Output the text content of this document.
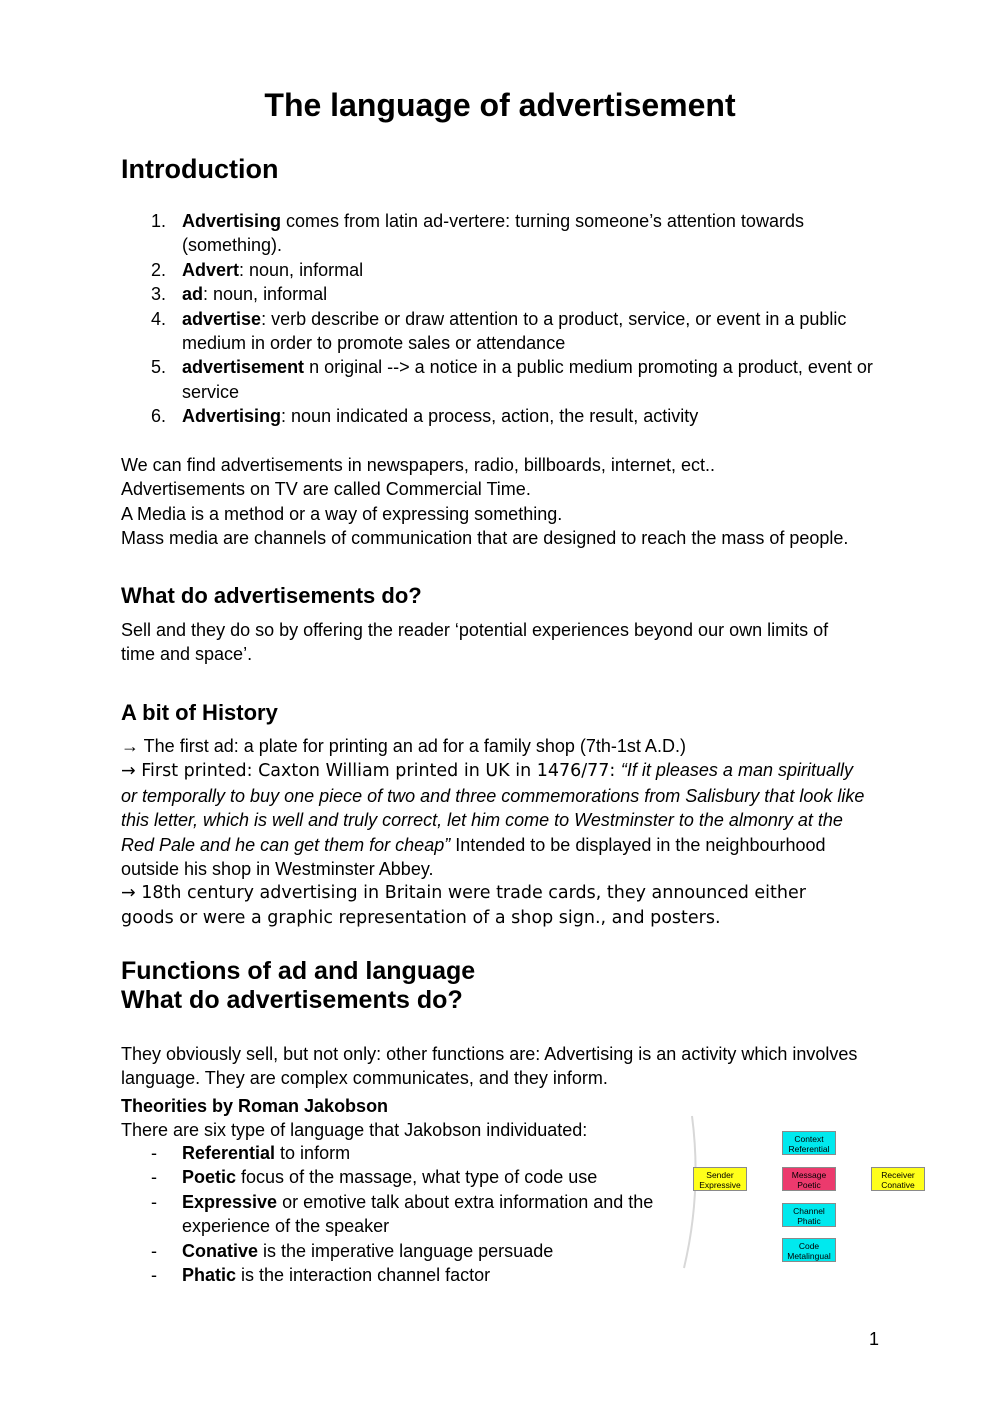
The language of advertisement
Introduction
1. Advertising comes from latin ad-vertere: turning someone’s attention towards (something).
2. Advert: noun, informal
3. ad: noun, informal
4. advertise: verb describe or draw attention to a product, service, or event in a public medium in order to promote sales or attendance
5. advertisement n original --> a notice in a public medium promoting a product, event or service
6. Advertising: noun indicated a process, action, the result, activity
We can find advertisements in newspapers, radio, billboards, internet, ect..
Advertisements on TV are called Commercial Time.
A Media is a method or a way of expressing something.
Mass media are channels of communication that are designed to reach the mass of people.
What do advertisements do?
Sell and they do so by offering the reader ‘potential experiences beyond our own limits of time and space’.
A bit of History
→ The first ad: a plate for printing an ad for a family shop (7th-1st A.D.)
→ First printed: Caxton William printed in UK in 1476/77: “If it pleases a man spiritually or temporally to buy one piece of two and three commemorations from Salisbury that look like this letter, which is well and truly correct, let him come to Westminster to the almonry at the Red Pale and he can get them for cheap” Intended to be displayed in the neighbourhood outside his shop in Westminster Abbey.
→ 18th century advertising in Britain were trade cards, they announced either goods or were a graphic representation of a shop sign., and posters.
Functions of ad and language
What do advertisements do?
They obviously sell, but not only: other functions are: Advertising is an activity which involves language. They are complex communicates, and they inform.
Theorities by Roman Jakobson
There are six type of language that Jakobson individuated:
- Referential to inform
- Poetic focus of the massage, what type of code use
- Expressive or emotive talk about extra information and the experience of the speaker
- Conative is the imperative language persuade
- Phatic is the interaction channel factor
Context
Referential
Sender
Expressive
Message
Poetic
Receiver
Conative
Channel
Phatic
Code
Metalingual
1
